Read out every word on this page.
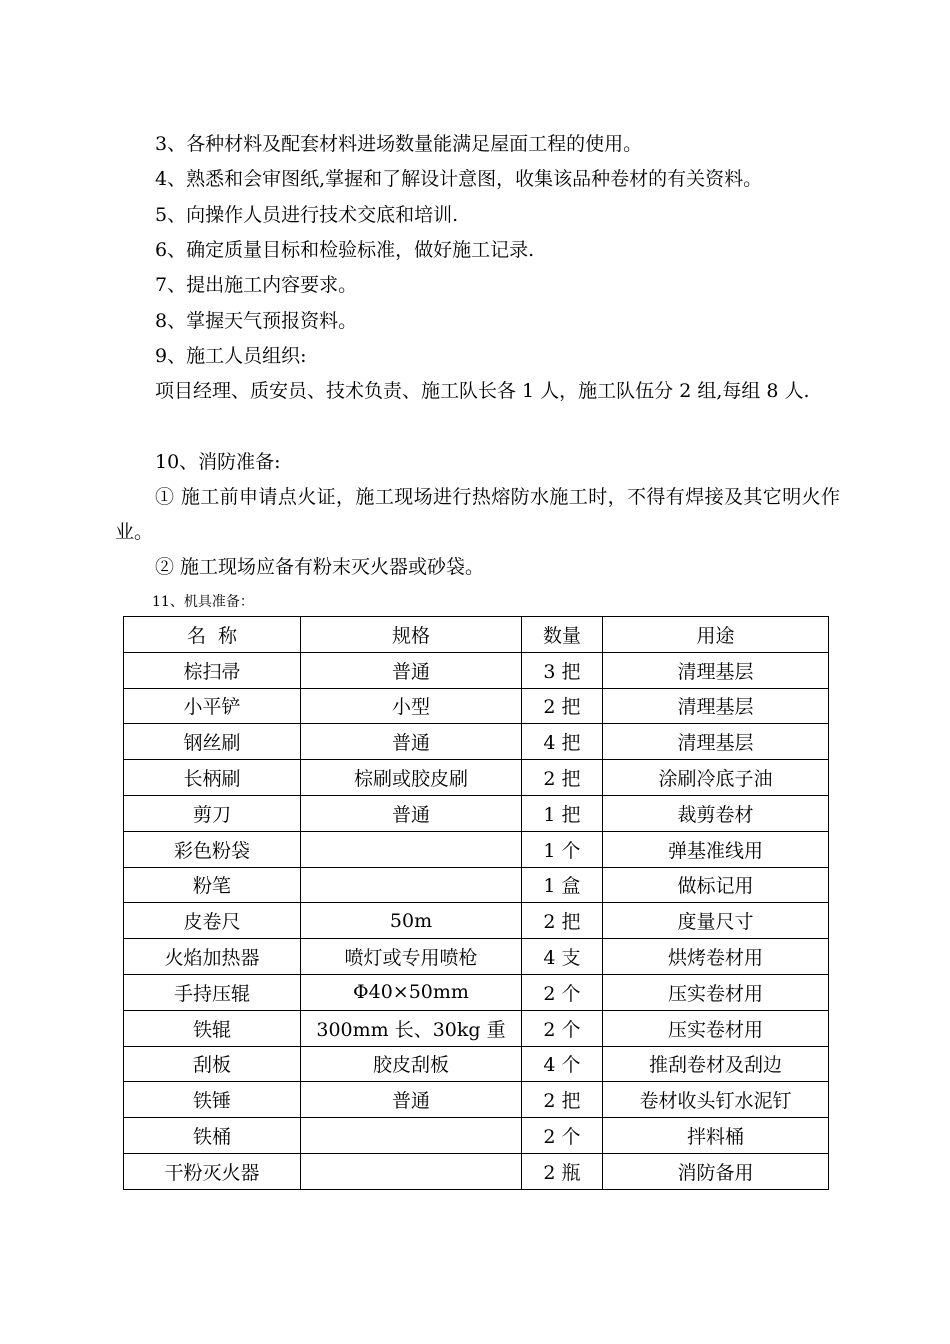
3、各种材料及配套材料进场数量能满足屋面工程的使用。
4、熟悉和会审图纸,掌握和了解设计意图，收集该品种卷材的有关资料。
5、向操作人员进行技术交底和培训.
6、确定质量目标和检验标准，做好施工记录.
7、提出施工内容要求。
8、掌握天气预报资料。
9、施工人员组织:
项目经理、质安员、技术负责、施工队长各 1 人，施工队伍分 2 组,每组 8 人.
10、消防准备:
① 施工前申请点火证，施工现场进行热熔防水施工时，不得有焊接及其它明火作业。
② 施工现场应备有粉末灭火器或砂袋。
11、机具准备：
名  称	规格	数量	用途
棕扫帚	普通	3 把	清理基层
小平铲	小型	2 把	清理基层
钢丝刷	普通	4 把	清理基层
长柄刷	棕刷或胶皮刷	2 把	涂刷冷底子油
剪刀	普通	1 把	裁剪卷材
彩色粉袋		1 个	弹基准线用
粉笔		1 盒	做标记用
皮卷尺	50m	2 把	度量尺寸
火焰加热器	喷灯或专用喷枪	4 支	烘烤卷材用
手持压辊	Φ40×50mm	2 个	压实卷材用
铁辊	300mm 长、30kg 重	2 个	压实卷材用
刮板	胶皮刮板	4 个	推刮卷材及刮边
铁锤	普通	2 把	卷材收头钉水泥钉
铁桶		2 个	拌料桶
干粉灭火器		2 瓶	消防备用
